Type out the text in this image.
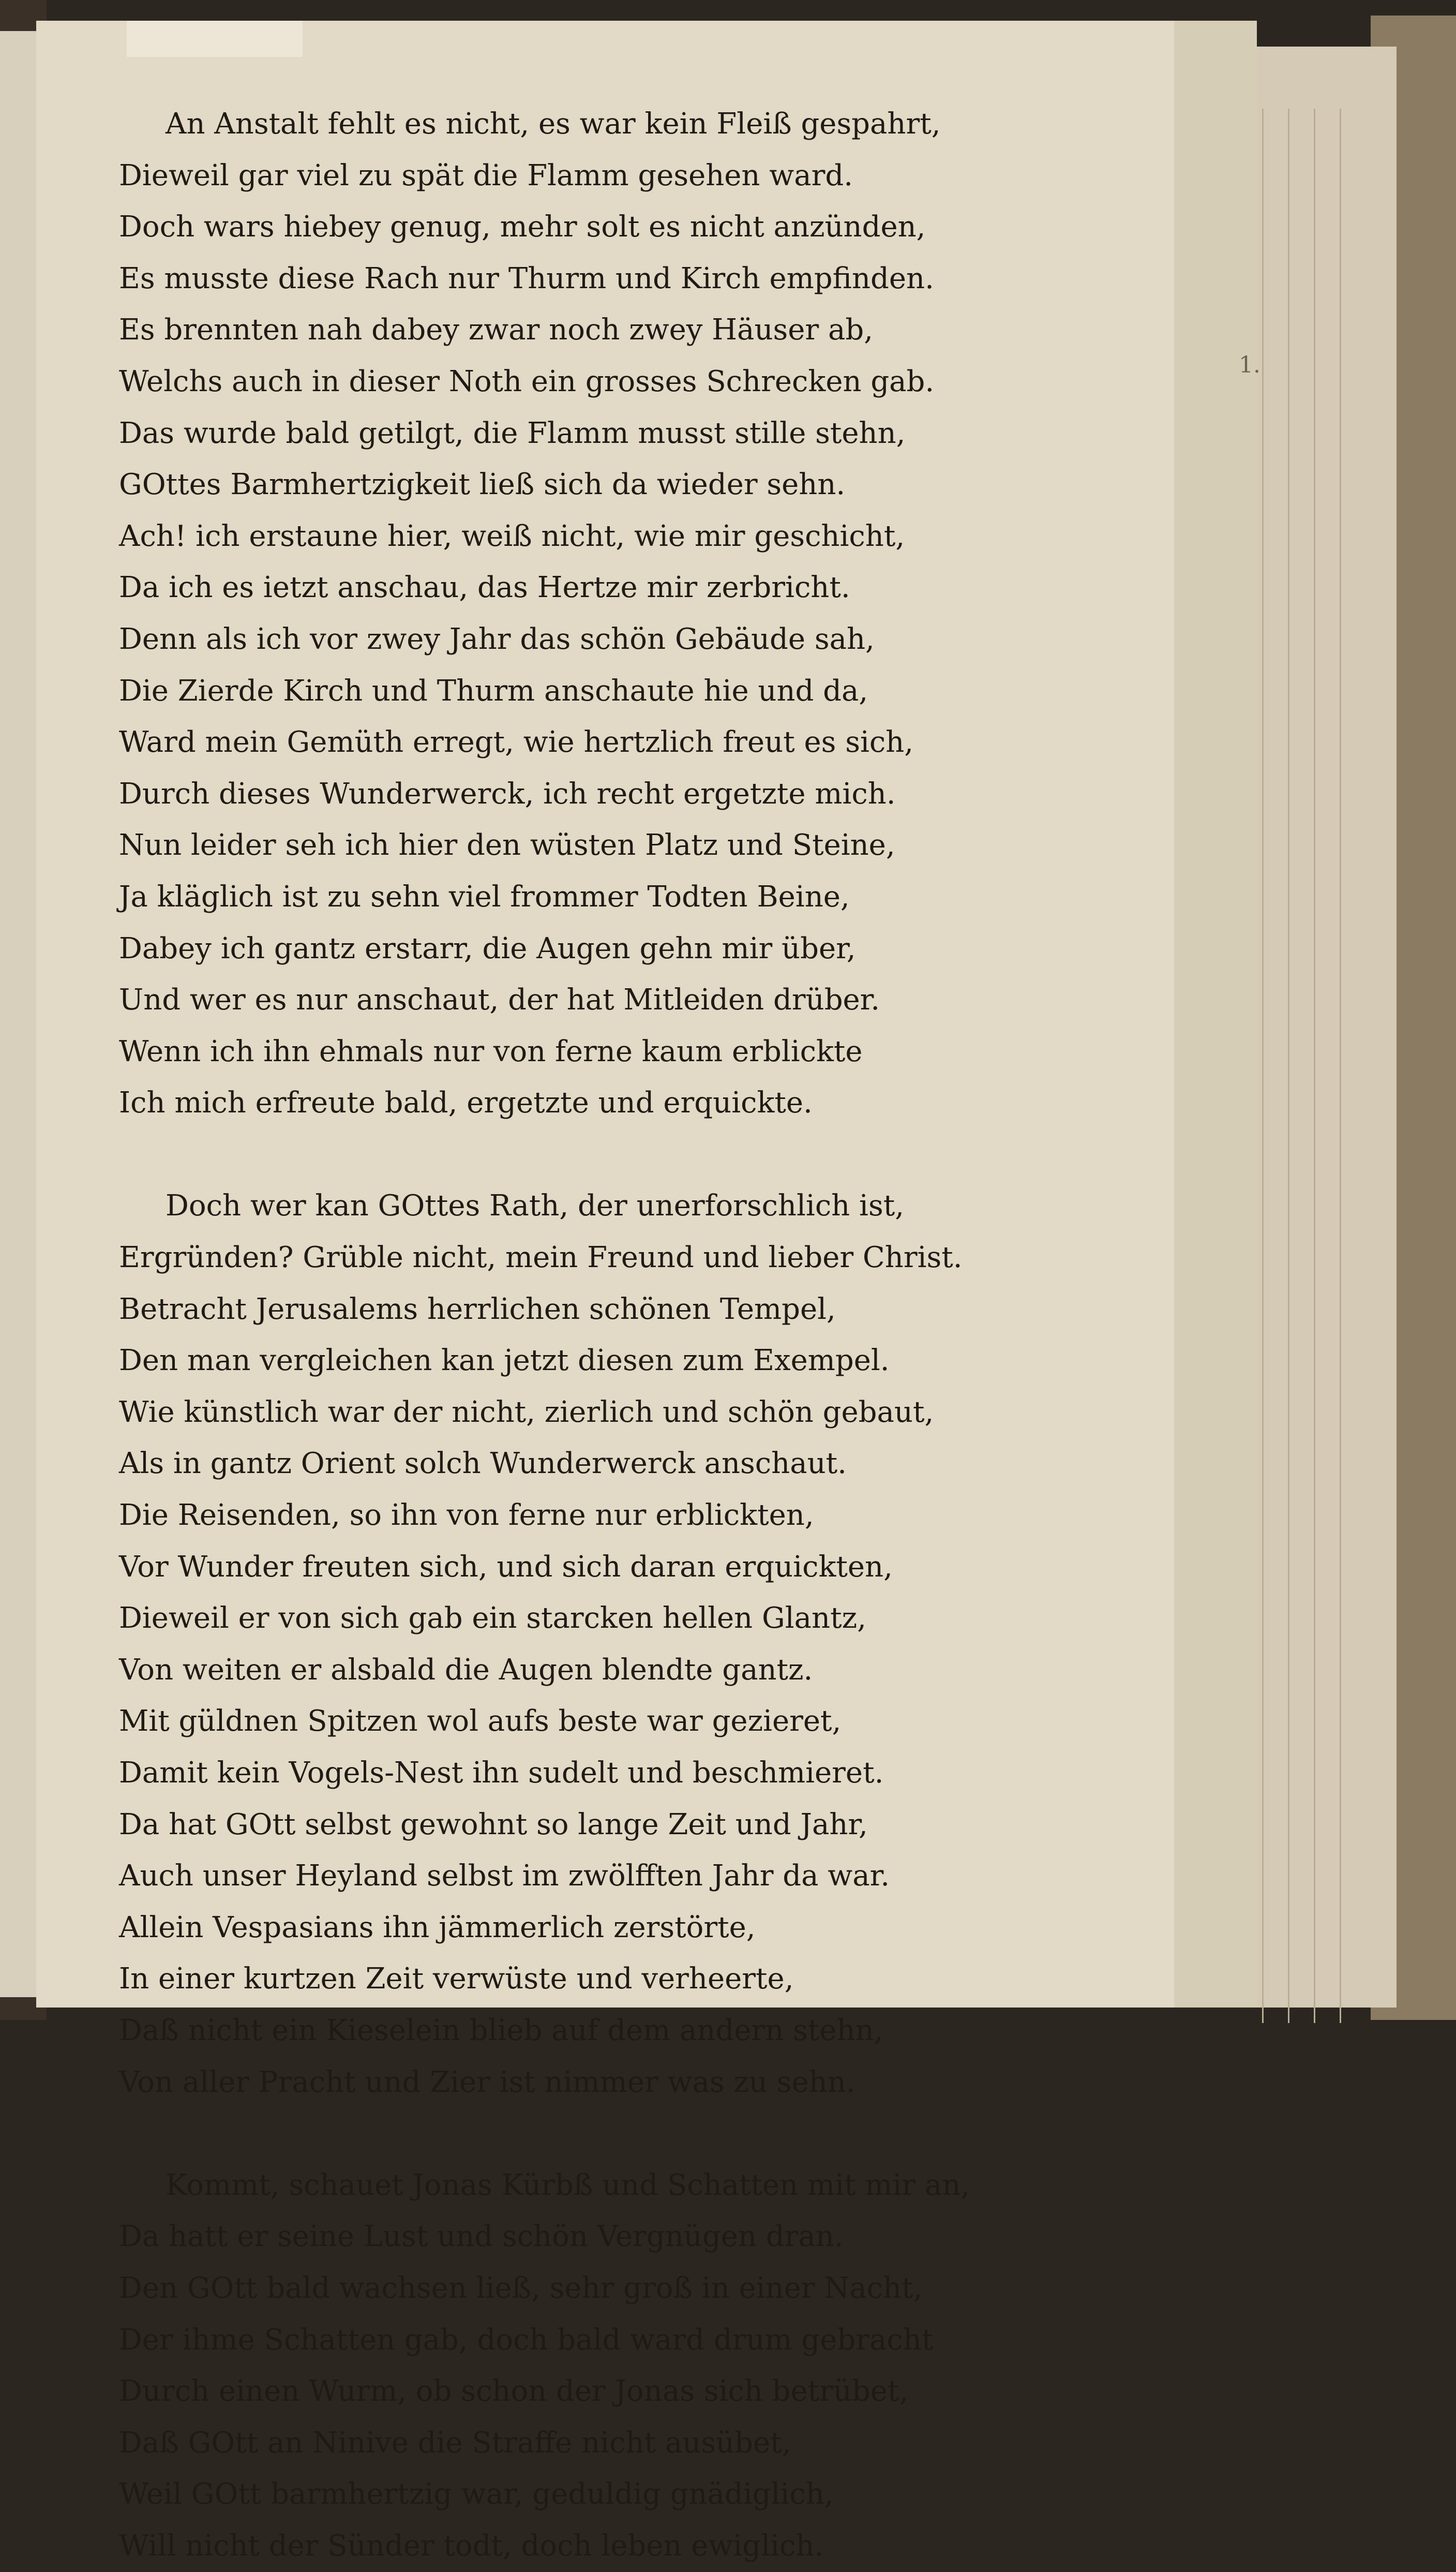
1.
An Anstalt fehlt es nicht, es war kein Fleiß gespahrt,
Dieweil gar viel zu spät die Flamm gesehen ward.
Doch wars hiebey genug, mehr solt es nicht anzünden,
Es musste diese Rach nur Thurm und Kirch empfinden.
Es brennten nah dabey zwar noch zwey Häuser ab,
Welchs auch in dieser Noth ein grosses Schrecken gab.
Das wurde bald getilgt, die Flamm musst stille stehn,
GOttes Barmhertzigkeit ließ sich da wieder sehn.
Ach! ich erstaune hier, weiß nicht, wie mir geschicht,
Da ich es ietzt anschau, das Hertze mir zerbricht.
Denn als ich vor zwey Jahr das schön Gebäude sah,
Die Zierde Kirch und Thurm anschaute hie und da,
Ward mein Gemüth erregt, wie hertzlich freut es sich,
Durch dieses Wunderwerck, ich recht ergetzte mich.
Nun leider seh ich hier den wüsten Platz und Steine,
Ja kläglich ist zu sehn viel frommer Todten Beine,
Dabey ich gantz erstarr, die Augen gehn mir über,
Und wer es nur anschaut, der hat Mitleiden drüber.
Wenn ich ihn ehmals nur von ferne kaum erblickte
Ich mich erfreute bald, ergetzte und erquickte.
Doch wer kan GOttes Rath, der unerforschlich ist,
Ergründen? Grüble nicht, mein Freund und lieber Christ.
Betracht Jerusalems herrlichen schönen Tempel,
Den man vergleichen kan jetzt diesen zum Exempel.
Wie künstlich war der nicht, zierlich und schön gebaut,
Als in gantz Orient solch Wunderwerck anschaut.
Die Reisenden, so ihn von ferne nur erblickten,
Vor Wunder freuten sich, und sich daran erquickten,
Dieweil er von sich gab ein starcken hellen Glantz,
Von weiten er alsbald die Augen blendte gantz.
Mit güldnen Spitzen wol aufs beste war gezieret,
Damit kein Vogels-Nest ihn sudelt und beschmieret.
Da hat GOtt selbst gewohnt so lange Zeit und Jahr,
Auch unser Heyland selbst im zwölfften Jahr da war.
Allein Vespasians ihn jämmerlich zerstörte,
In einer kurtzen Zeit verwüste und verheerte,
Daß nicht ein Kieselein blieb auf dem andern stehn,
Von aller Pracht und Zier ist nimmer was zu sehn.
Kommt, schauet Jonas Kürbß und Schatten mit mir an,
Da hatt er seine Lust und schön Vergnügen dran.
Den GOtt bald wachsen ließ, sehr groß in einer Nacht,
Der ihme Schatten gab, doch bald ward drum gebracht
Durch einen Wurm, ob schon der Jonas sich betrübet,
Daß GOtt an Ninive die Straffe nicht ausübet,
Weil GOtt barmhertzig war, geduldig gnädiglich,
Will nicht der Sünder todt, doch leben ewiglich.
